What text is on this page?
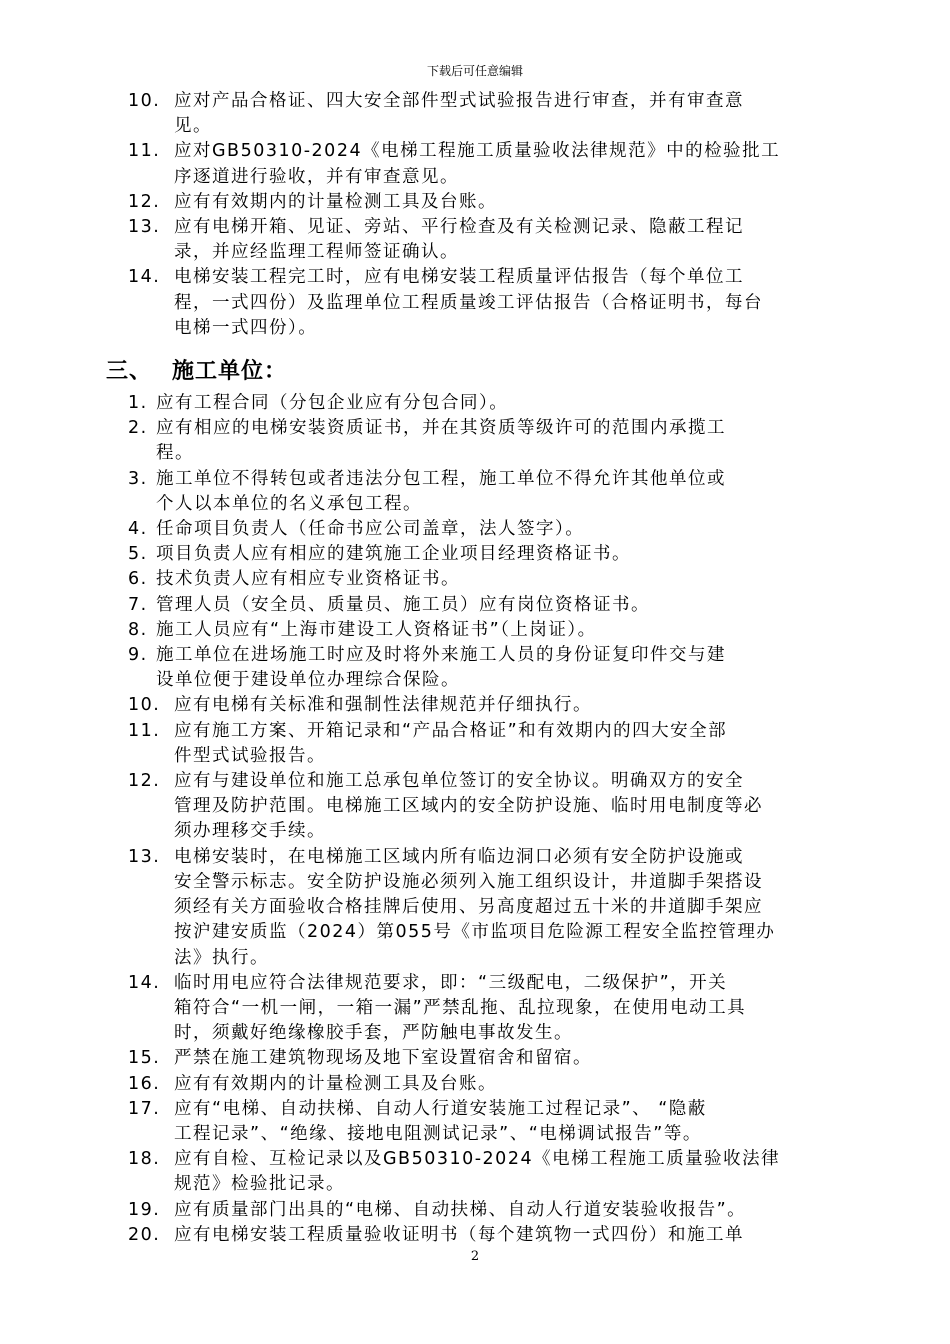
下载后可任意编辑
10. 应对产品合格证、四大安全部件型式试验报告进行审查，并有审查意
见。
11. 应对GB50310-2024《电梯工程施工质量验收法律规范》中的检验批工
序逐道进行验收，并有审查意见。
12. 应有有效期内的计量检测工具及台账。
13. 应有电梯开箱、见证、旁站、平行检查及有关检测记录、隐蔽工程记
录，并应经监理工程师签证确认。
14. 电梯安装工程完工时，应有电梯安装工程质量评估报告（每个单位工
程，一式四份）及监理单位工程质量竣工评估报告（合格证明书，每台
电梯一式四份）。
三、 施工单位：
1. 应有工程合同（分包企业应有分包合同）。
2. 应有相应的电梯安装资质证书，并在其资质等级许可的范围内承揽工
程。
3. 施工单位不得转包或者违法分包工程，施工单位不得允许其他单位或
个人以本单位的名义承包工程。
4. 任命项目负责人（任命书应公司盖章，法人签字）。
5. 项目负责人应有相应的建筑施工企业项目经理资格证书。
6. 技术负责人应有相应专业资格证书。
7. 管理人员（安全员、质量员、施工员）应有岗位资格证书。
8. 施工人员应有“上海市建设工人资格证书”（上岗证）。
9. 施工单位在进场施工时应及时将外来施工人员的身份证复印件交与建
设单位便于建设单位办理综合保险。
10. 应有电梯有关标准和强制性法律规范并仔细执行。
11. 应有施工方案、开箱记录和“产品合格证”和有效期内的四大安全部
件型式试验报告。
12. 应有与建设单位和施工总承包单位签订的安全协议。明确双方的安全
管理及防护范围。电梯施工区域内的安全防护设施、临时用电制度等必
须办理移交手续。
13. 电梯安装时，在电梯施工区域内所有临边洞口必须有安全防护设施或
安全警示标志。安全防护设施必须列入施工组织设计，井道脚手架搭设
须经有关方面验收合格挂牌后使用、另高度超过五十米的井道脚手架应
按沪建安质监（2024）第055号《市监项目危险源工程安全监控管理办
法》执行。
14. 临时用电应符合法律规范要求，即：“三级配电，二级保护”，开关
箱符合“一机一闸，一箱一漏”严禁乱拖、乱拉现象，在使用电动工具
时，须戴好绝缘橡胶手套，严防触电事故发生。
15. 严禁在施工建筑物现场及地下室设置宿舍和留宿。
16. 应有有效期内的计量检测工具及台账。
17. 应有“电梯、自动扶梯、自动人行道安装施工过程记录”、 “隐蔽
工程记录”、“绝缘、接地电阻测试记录”、“电梯调试报告”等。
18. 应有自检、互检记录以及GB50310-2024《电梯工程施工质量验收法律
规范》检验批记录。
19. 应有质量部门出具的“电梯、自动扶梯、自动人行道安装验收报告”。
20. 应有电梯安装工程质量验收证明书（每个建筑物一式四份）和施工单
2
